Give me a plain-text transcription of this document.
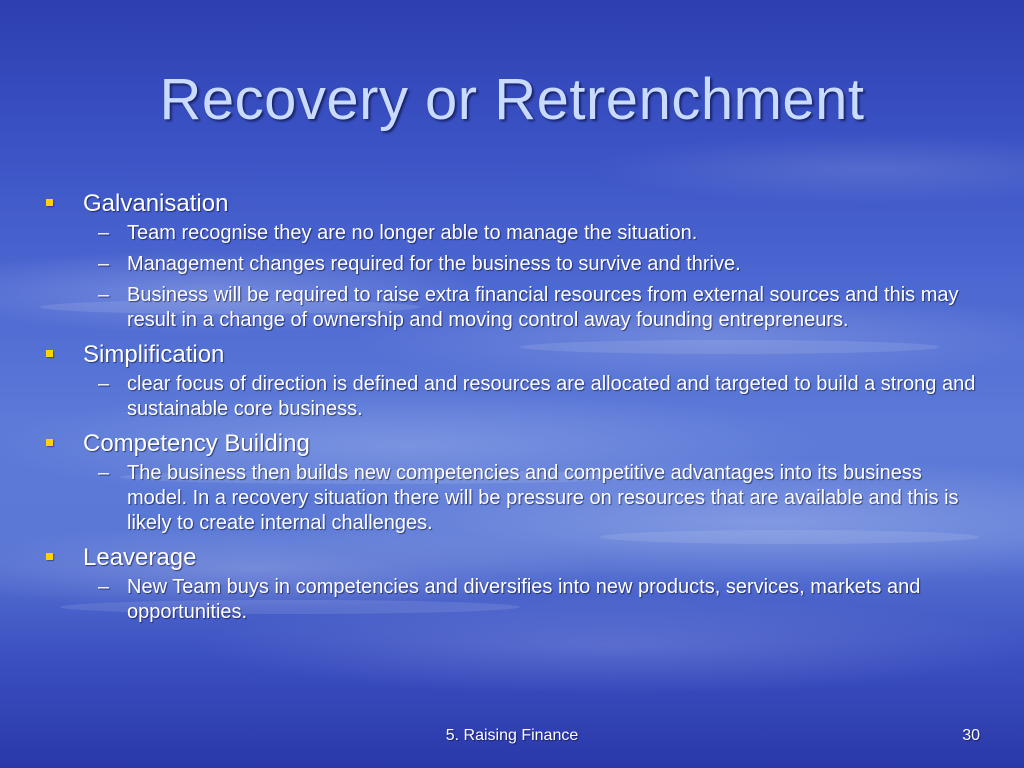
Recovery or Retrenchment

Galvanisation

– Team recognise they are no longer able to manage the situation.

– Management changes required for the business to survive and thrive.

– Business will be required to raise extra financial resources from external sources and this may result in a change of ownership and moving control away founding entrepreneurs.

Simplification

– clear focus of direction is defined and resources are allocated and targeted to build a strong and sustainable core business.

Competency Building

– The business then builds new competencies and competitive advantages into its business model. In a recovery situation there will be pressure on resources that are available and this is likely to create internal challenges.

Leaverage

– New Team buys in competencies and diversifies into new products, services, markets and opportunities.

5. Raising Finance	30
